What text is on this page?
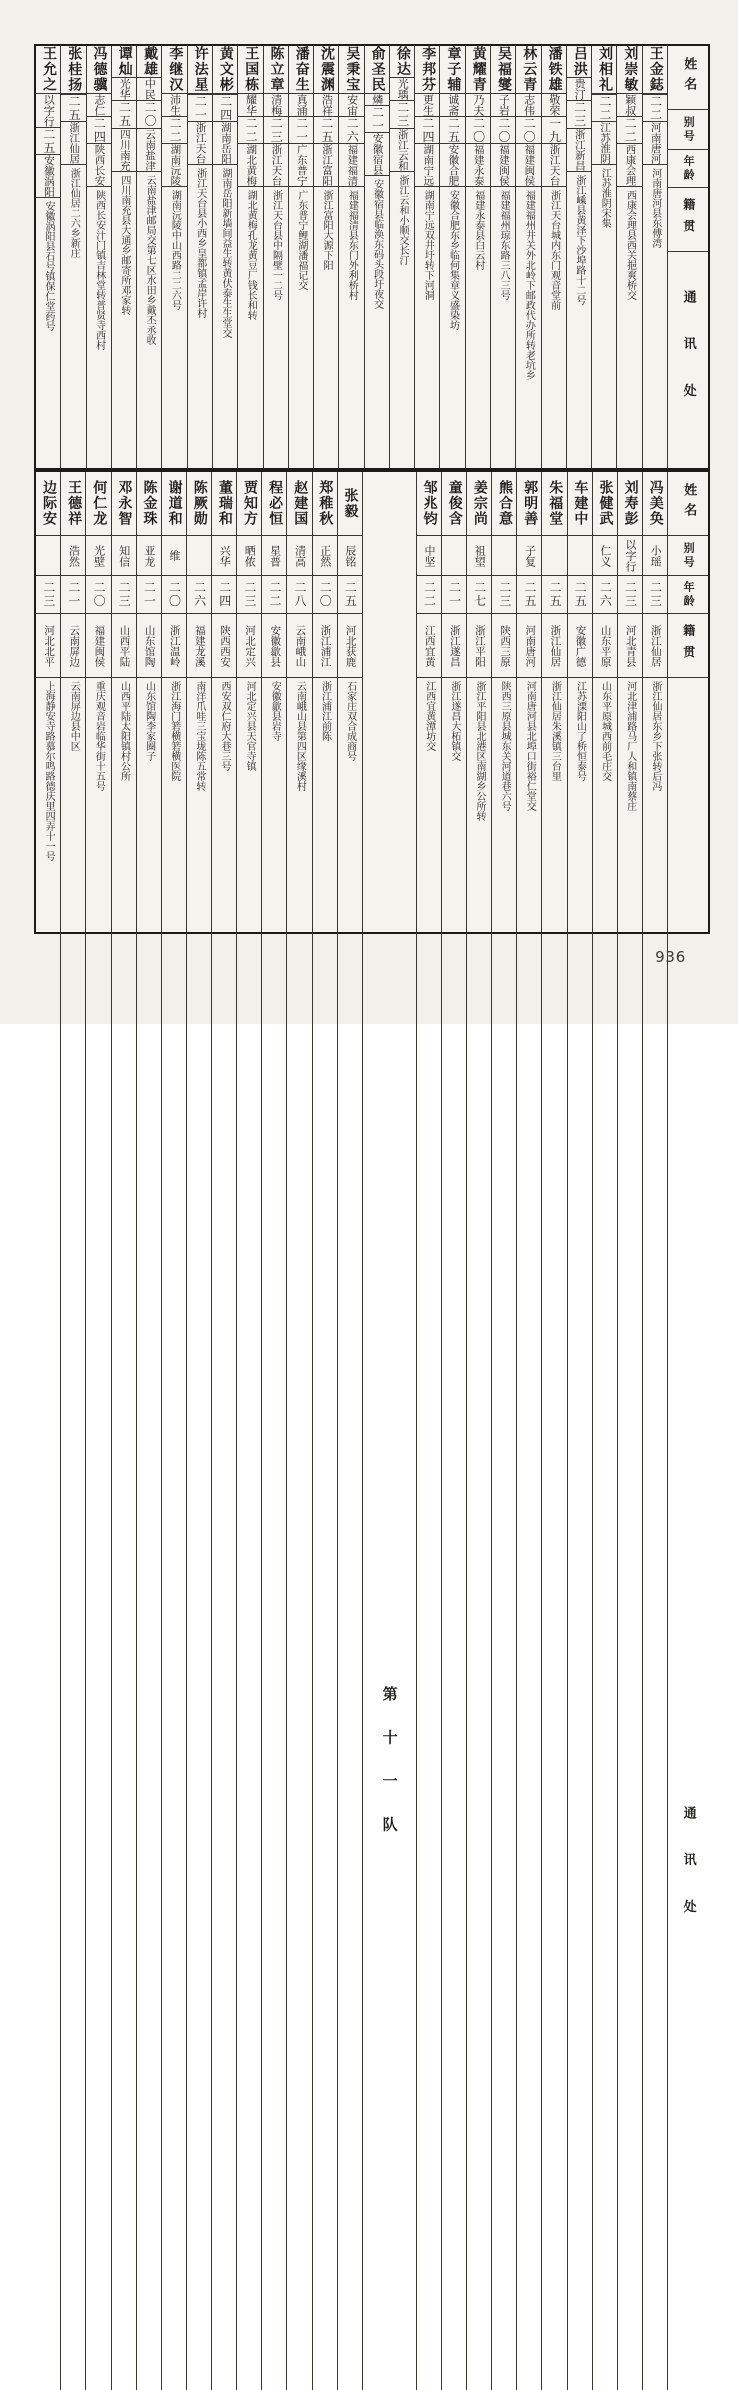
姓名
别号
年龄
籍贯
通讯处
王金鋕
二二
河南唐河
河南唐河县东傅湾
刘崇敏
颖叔
二二
西康会理
西康会理县西关挹爽桥交
刘相礼
二二
江苏淮阴
江苏淮阴宋集
吕洪
贵汀
二三
浙江新昌
浙江嵊县黄泽下沙埠路十二号
潘铁雄
敬荣
一九
浙江天台
浙江天台城内东门观音堂前
林云青
志伟
二〇
福建闽侯
福建福州井关外北岭下邮政代办所转老坑乡
吴福燮
子岩
二〇
福建闽侯
福建福州琼东路三八三号
黄耀青
乃夫
二〇
福建永泰
福建永泰县白云村
章子辅
诚斋
二五
安徽合肥
安徽合肥东乡临何集章义盛染坊
李邦芬
更生
二四
湖南宁远
湖南宁远双井圩转下河洞
徐达
光瑀
二三
浙江云和
浙江云和小顺交长汀
俞圣民
燐
二一
安徽宿县
安徽宿县临涣东码头段圩夜交
吴秉宝
安宙
二六
福建福清
福建福清县东门外利桥村
沈震渊
浩祥
二五
浙江富阳
浙江富阳大源下阳
潘奋生
真涌
二一
广东普宁
广东普宁鲤湖潘福记交
陈立章
清梅
二三
浙江天台
浙江天台县中隔壁一二号
王国栋
耀华
二二
湖北黄梅
湖北黄梅孔龙黄豆厂钱长和转
黄文彬
二四
湖南岳阳
湖南岳阳新墙间益生转黄伏泰生生堂交
许法星
二一
浙江天台
浙江天台县小西乡皇都镇孟岸许村
李继汉
沛生
二二
湖南沅陵
湖南沅陵中山西路二二六号
戴雄
中民
二〇
云南盐津
云南盐津邮局交第七区水田乡戴丕丞收
谭灿
光华
二五
四川南充
四川南充县大通乡邮寄所邓家转
冯德骥
志仁
二四
陕西长安
陕西长安汁门镇吉林堂转普贤寺西村
张桂扬
二五
浙江仙居
浙江仙居二六乡新庄
王允之
以字行
二五
安徽涡阳
安徽涡阳县石号镇保仁堂药号
姓名
别号
年龄
籍贯
通讯处
冯美奂
小瑶
二三
浙江仙居
浙江仙居东乡下张转后冯
刘寿彭
以字行
二三
河北青县
河北津浦路马厂人和镇南蔡庄
张健武
仁义
二六
山东平原
山东平原城西前毛庄交
车建中
二五
安徽广德
江苏溧阳山了桥恒泰号
朱福堂
二五
浙江仙居
浙江仙居朱溪镇三台里
郭明善
子复
二五
河南唐河
河南唐河县北埠口街裕仁堂交
熊合意
二三
陕西三原
陕西三原县城东关河道巷六号
姜宗尚
祖望
二七
浙江平阳
浙江平阳县北港区南湖乡公所转
童俊含
二一
浙江遂昌
浙江遂昌大柘镇交
邹兆钧
中坚
二二
江西宜黄
江西宜黄潭坊交
第十一队
张毅
辰铭
二五
河北获鹿
石家庄双合成商号
郑稚秋
正然
二〇
浙江浦江
浙江浦江前陈
赵建国
清高
二八
云南峨山
云南峨山县第四区缘溪村
程必恒
星普
二二
安徽歙县
安徽歙县岩寺
贾知方
晒侬
二三
河北定兴
河北定兴县天官寺镇
董瑞和
兴华
二四
陕西西安
西安双仁府大巷三号
陈厥勋
二六
福建龙溪
南洋爪哇三宝垅陈五常转
谢道和
维
二〇
浙江温岭
浙江海门箬横箬横医院
陈金珠
亚龙
二一
山东馆陶
山东馆陶李家圈子
邓永智
知信
二三
山西平陆
山西平陆太阳镇村公所
何仁龙
光壁
二〇
福建闽侯
重庆观音岩临华街十五号
王德祥
浩然
二一
云南屏边
云南屏边县中区
边际安
二三
河北北平
上海静安寺路慕尔鸣路德庆里四弄十一号
936
